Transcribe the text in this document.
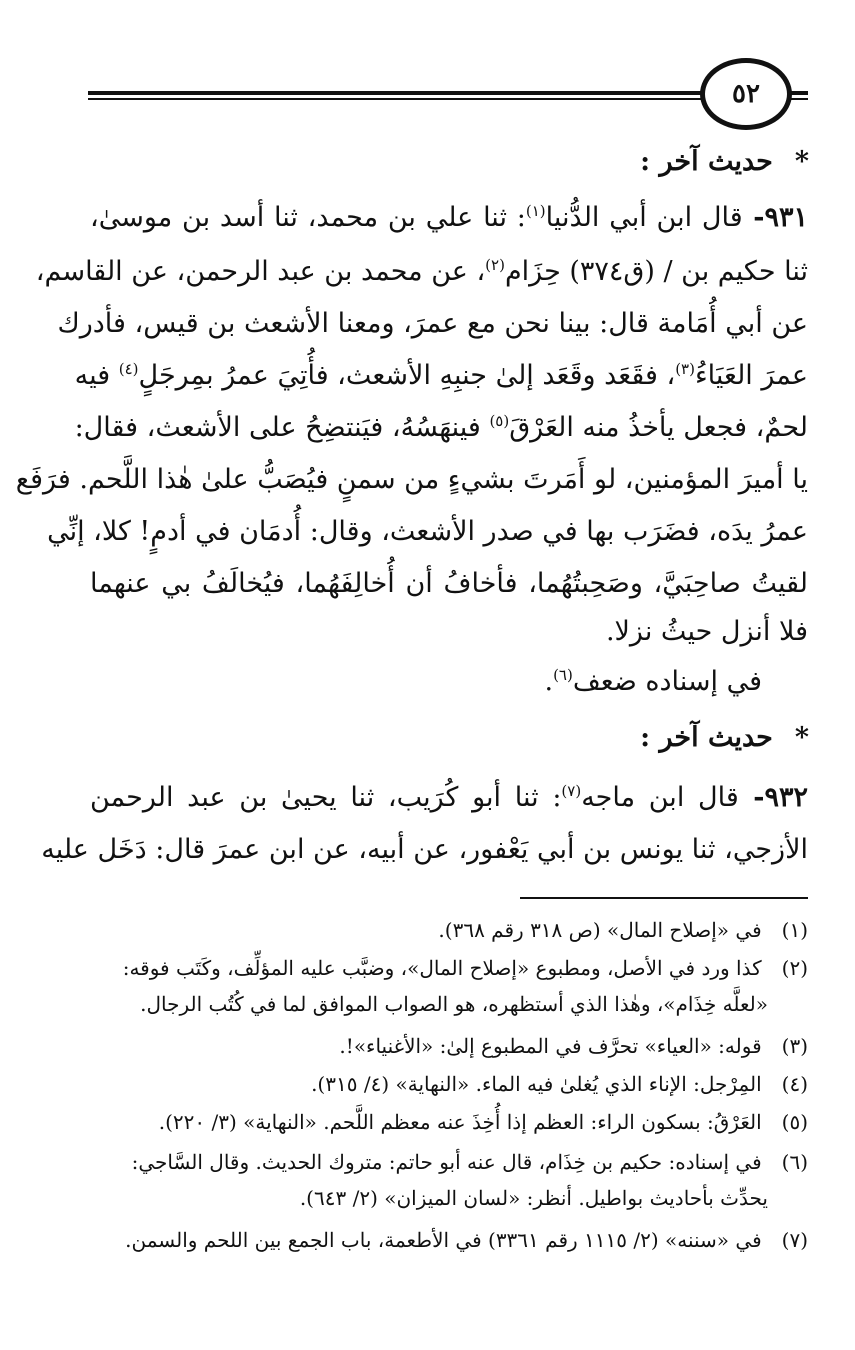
٥٢
*حديث آخر :
٩٣١- قال ابن أبي الدُّنيا$^{(١)}$: ثنا علي بن محمد، ثنا أسد بن موسىٰ،
ثنا حكيم بن / (ق٣٧٤) حِزَام$^{(٢)}$، عن محمد بن عبد الرحمن، عن القاسم،
عن أبي أُمَامة قال: بينا نحن مع عمرَ، ومعنا الأشعث بن قيس، فأدرك
عمرَ العَيَاءُ$^{(٣)}$، فقَعَد وقَعَد إلىٰ جنبِهِ الأشعث، فأُتِيَ عمرُ بمِرجَلٍ$^{(٤)}$ فيه
لحمٌ، فجعل يأخذُ منه العَرْقَ$^{(٥)}$ فينهَسُهُ، فيَنتضِحُ على الأشعث، فقال:
يا أميرَ المؤمنين، لو أَمَرتَ بشيءٍ من سمنٍ فيُصَبُّ علىٰ هٰذا اللَّحم. فرَفَع
عمرُ يدَه، فضَرَب بها في صدر الأشعث، وقال: أُدمَان في أدمٍ! كلا، إنِّي
لقيتُ صاحِبَيَّ، وصَحِبتُهُما، فأخافُ أن أُخالِفَهُما، فيُخالَفُ بي عنهما
فلا أنزل حيثُ نزلا.
في إسناده ضعف$^{(٦)}$.
*حديث آخر :
٩٣٢- قال ابن ماجه$^{(٧)}$: ثنا أبو كُرَيب، ثنا يحيىٰ بن عبد الرحمن
الأزجي، ثنا يونس بن أبي يَعْفور، عن أبيه، عن ابن عمرَ قال: دَخَل عليه
(١) في «إصلاح المال» (ص ٣١٨ رقم ٣٦٨).
(٢) كذا ورد في الأصل، ومطبوع «إصلاح المال»، وضبَّب عليه المؤلِّف، وكَتَب فوقه:
«لعلَّه خِذَام»، وهٰذا الذي أستظهره، هو الصواب الموافق لما في كُتُب الرجال.
(٣) قوله: «العياء» تحرَّف في المطبوع إلىٰ: «الأغنياء»!.
(٤) المِرْجل: الإناء الذي يُغلىٰ فيه الماء. «النهاية» (٤/ ٣١٥).
(٥) العَرْقُ: بسكون الراء: العظم إذا أُخِذَ عنه معظم اللَّحم. «النهاية» (٣/ ٢٢٠).
(٦) في إسناده: حكيم بن خِذَام، قال عنه أبو حاتم: متروك الحديث. وقال السَّاجي:
يحدِّث بأحاديث بواطيل. أنظر: «لسان الميزان» (٢/ ٦٤٣).
(٧) في «سننه» (٢/ ١١١٥ رقم ٣٣٦١) في الأطعمة، باب الجمع بين اللحم والسمن.
